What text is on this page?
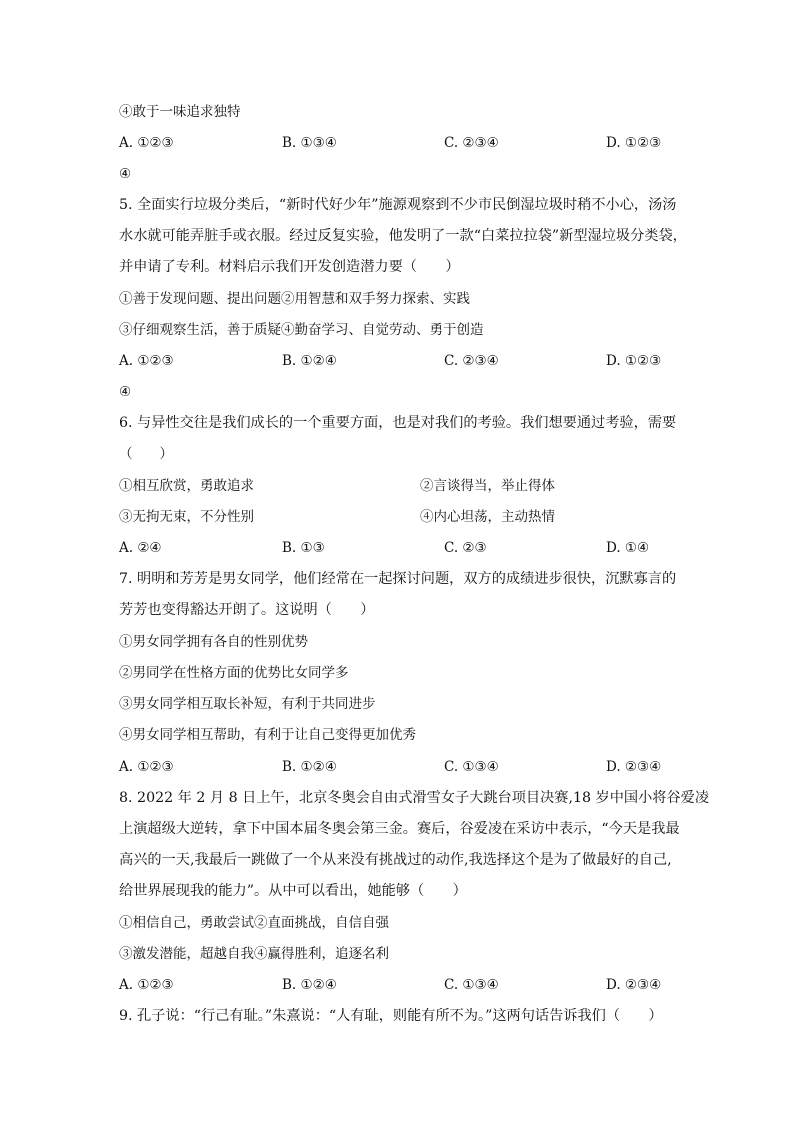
④敢于一味追求独特
A. ①②③	B. ①③④	C. ②③④	D. ①②③
④
5. 全面实行垃圾分类后，“新时代好少年”施源观察到不少市民倒湿垃圾时稍不小心，汤汤
水水就可能弄脏手或衣服。经过反复实验，他发明了一款“白菜拉拉袋”新型湿垃圾分类袋，
并申请了专利。材料启示我们开发创造潜力要（　　）
①善于发现问题、提出问题②用智慧和双手努力探索、实践
③仔细观察生活，善于质疑④勤奋学习、自觉劳动、勇于创造
A. ①②③	B. ①②④	C. ②③④	D. ①②③
④
6. 与异性交往是我们成长的一个重要方面，也是对我们的考验。我们想要通过考验，需要
（　　）
①相互欣赏，勇敢追求	②言谈得当，举止得体
③无拘无束，不分性别	④内心坦荡，主动热情
A. ②④	B. ①③	C. ②③	D. ①④
7. 明明和芳芳是男女同学，他们经常在一起探讨问题，双方的成绩进步很快，沉默寡言的
芳芳也变得豁达开朗了。这说明（　　）
①男女同学拥有各自的性别优势
②男同学在性格方面的优势比女同学多
③男女同学相互取长补短，有利于共同进步
④男女同学相互帮助，有利于让自己变得更加优秀
A. ①②③	B. ①②④	C. ①③④	D. ②③④
8. 2022 年 2 月 8 日上午，北京冬奥会自由式滑雪女子大跳台项目决赛,18 岁中国小将谷爱凌
上演超级大逆转，拿下中国本届冬奥会第三金。赛后，谷爱凌在采访中表示，“今天是我最
高兴的一天,我最后一跳做了一个从来没有挑战过的动作,我选择这个是为了做最好的自己,
给世界展现我的能力”。从中可以看出，她能够（　　）
①相信自己，勇敢尝试②直面挑战，自信自强
③激发潜能，超越自我④赢得胜利，追逐名利
A. ①②③	B. ①②④	C. ①③④	D. ②③④
9. 孔子说：“行己有耻。”朱熹说：“人有耻，则能有所不为。”这两句话告诉我们（　　）
